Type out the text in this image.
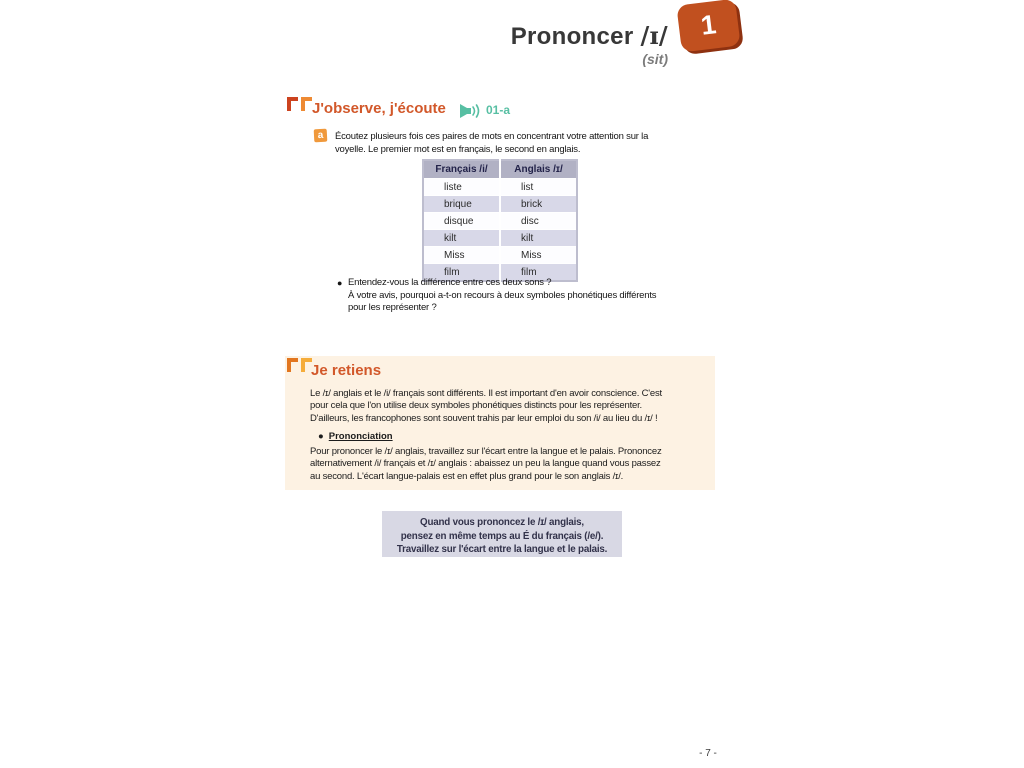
Prononcer /ɪ/
(sit)
1
J'observe, j'écoute	01-a
a	Écoutez plusieurs fois ces paires de mots en concentrant votre attention sur la
voyelle. Le premier mot est en français, le second en anglais.
Français /i/	Anglais /ɪ/
liste	list
brique	brick
disque	disc
kilt	kilt
Miss	Miss
film	film
● Entendez-vous la différence entre ces deux sons ?
À votre avis, pourquoi a-t-on recours à deux symboles phonétiques différents
pour les représenter ?
Je retiens
Le /ɪ/ anglais et le /i/ français sont différents. Il est important d'en avoir conscience. C'est
pour cela que l'on utilise deux symboles phonétiques distincts pour les représenter.
D'ailleurs, les francophones sont souvent trahis par leur emploi du son /i/ au lieu du /ɪ/ !
● Prononciation
Pour prononcer le /ɪ/ anglais, travaillez sur l'écart entre la langue et le palais. Prononcez
alternativement /i/ français et /ɪ/ anglais : abaissez un peu la langue quand vous passez
au second. L'écart langue-palais est en effet plus grand pour le son anglais /ɪ/.
Quand vous prononcez le /ɪ/ anglais,
pensez en même temps au É du français (/e/).
Travaillez sur l'écart entre la langue et le palais.
- 7 -
